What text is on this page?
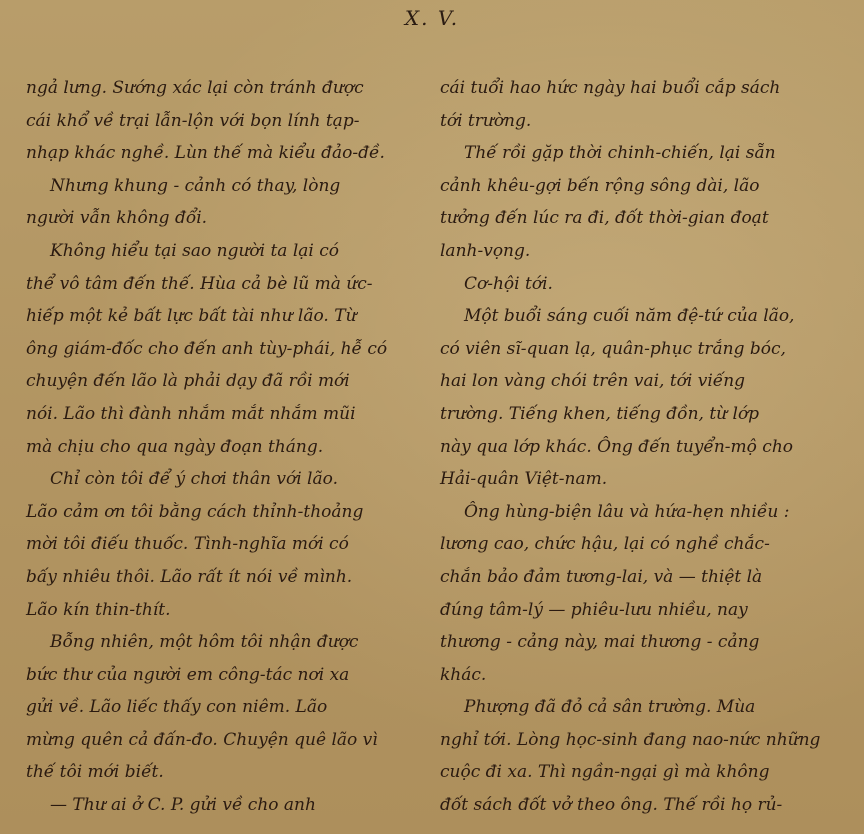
X. V.
ngả lưng. Sướng xác lại còn tránh được
cái khổ về trại lẫn-lộn với bọn lính tạp-
nhạp khác nghề. Lùn thế mà kiểu đảo-đề.
Nhưng khung - cảnh có thay, lòng
người vẫn không đổi.
Không hiểu tại sao người ta lại có
thể vô tâm đến thế. Hùa cả bè lũ mà ức-
hiếp một kẻ bất lực bất tài như lão. Từ
ông giám-đốc cho đến anh tùy-phái, hễ có
chuyện đến lão là phải dạy đã rồi mới
nói. Lão thì đành nhắm mắt nhắm mũi
mà chịu cho qua ngày đoạn tháng.
Chỉ còn tôi để ý chơi thân với lão.
Lão cảm ơn tôi bằng cách thỉnh-thoảng
mời tôi điếu thuốc. Tình-nghĩa mới có
bấy nhiêu thôi. Lão rất ít nói về mình.
Lão kín thin-thít.
Bỗng nhiên, một hôm tôi nhận được
bức thư của người em công-tác nơi xa
gửi về. Lão liếc thấy con niêm. Lão
mừng quên cả đấn-đo. Chuyện quê lão vì
thế tôi mới biết.
— Thư ai ở C. P. gửi về cho anh
cái tuổi hao hức ngày hai buổi cắp sách
tới trường.
Thế rồi gặp thời chinh-chiến, lại sẵn
cảnh khêu-gợi bến rộng sông dài, lão
tưởng đến lúc ra đi, đốt thời-gian đoạt
lanh-vọng.
Cơ-hội tới.
Một buổi sáng cuối năm đệ-tứ của lão,
có viên sĩ-quan lạ, quân-phục trắng bóc,
hai lon vàng chói trên vai, tới viếng
trường. Tiếng khen, tiếng đồn, từ lớp
này qua lớp khác. Ông đến tuyển-mộ cho
Hải-quân Việt-nam.
Ông hùng-biện lâu và hứa-hẹn nhiều :
lương cao, chức hậu, lại có nghề chắc-
chắn bảo đảm tương-lai, và — thiệt là
đúng tâm-lý — phiêu-lưu nhiều, nay
thương - cảng này, mai thương - cảng
khác.
Phượng đã đỏ cả sân trường. Mùa
nghỉ tới. Lòng học-sinh đang nao-nức những
cuộc đi xa. Thì ngần-ngại gì mà không
đốt sách đốt vở theo ông. Thế rồi họ rủ-
